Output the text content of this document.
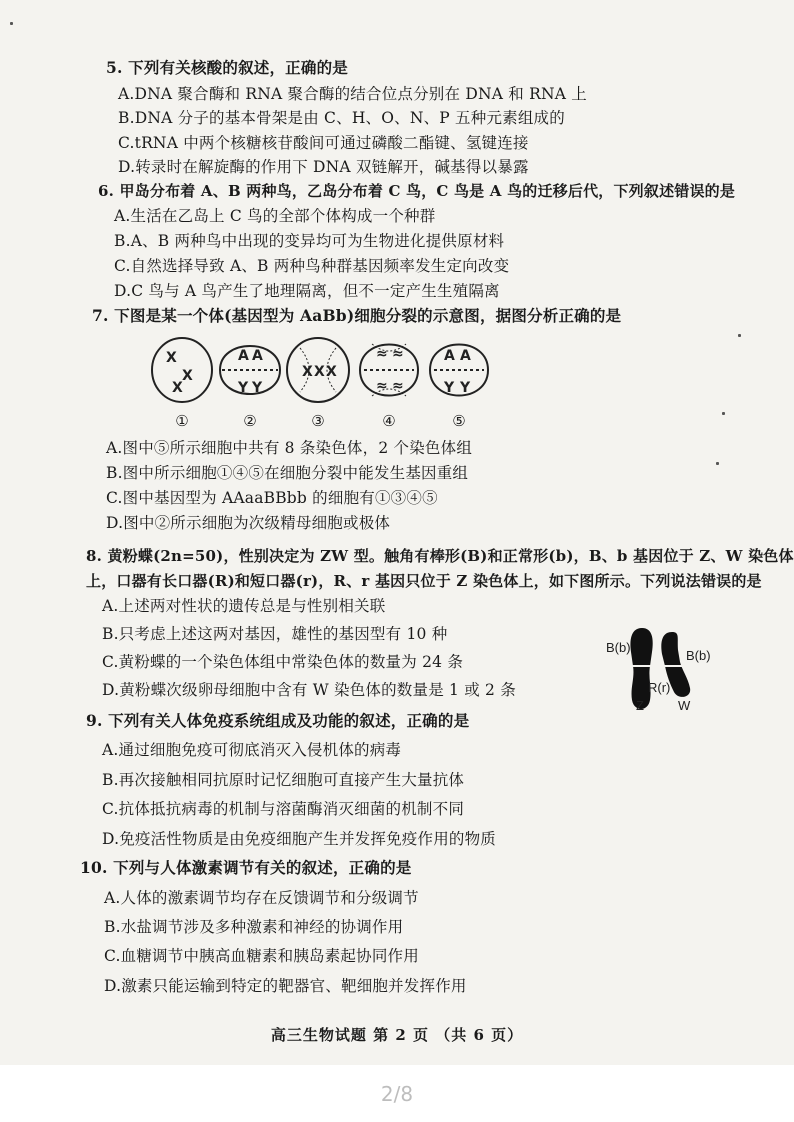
5. 下列有关核酸的叙述，正确的是
A.DNA 聚合酶和 RNA 聚合酶的结合位点分别在 DNA 和 RNA 上
B.DNA 分子的基本骨架是由 C、H、O、N、P 五种元素组成的
C.tRNA 中两个核糖核苷酸间可通过磷酸二酯键、氢键连接
D.转录时在解旋酶的作用下 DNA 双链解开，碱基得以暴露
6. 甲岛分布着 A、B 两种鸟，乙岛分布着 C 鸟，C 鸟是 A 鸟的迁移后代，下列叙述错误的是
A.生活在乙岛上 C 鸟的全部个体构成一个种群
B.A、B 两种鸟中出现的变异均可为生物进化提供原材料
C.自然选择导致 A、B 两种鸟种群基因频率发生定向改变
D.C 鸟与 A 鸟产生了地理隔离，但不一定产生生殖隔离
7. 下图是某一个体(基因型为 AaBb)细胞分裂的示意图，据图分析正确的是
X
X
X
A A
Y Y
X X X
≈ ≈
≈ ≈
A A
Y Y
①	②	③	④	⑤
A.图中⑤所示细胞中共有 8 条染色体，2 个染色体组
B.图中所示细胞①④⑤在细胞分裂中能发生基因重组
C.图中基因型为 AAaaBBbb 的细胞有①③④⑤
D.图中②所示细胞为次级精母细胞或极体
8. 黄粉蝶(2n=50)，性别决定为 ZW 型。触角有棒形(B)和正常形(b)，B、b 基因位于 Z、W 染色体
上，口器有长口器(R)和短口器(r)，R、r 基因只位于 Z 染色体上，如下图所示。下列说法错误的是
A.上述两对性状的遗传总是与性别相关联
B.只考虑上述这两对基因，雄性的基因型有 10 种
C.黄粉蝶的一个染色体组中常染色体的数量为 24 条
D.黄粉蝶次级卵母细胞中含有 W 染色体的数量是 1 或 2 条
B(b)
B(b)
R(r)
Z	W
9. 下列有关人体免疫系统组成及功能的叙述，正确的是
A.通过细胞免疫可彻底消灭入侵机体的病毒
B.再次接触相同抗原时记忆细胞可直接产生大量抗体
C.抗体抵抗病毒的机制与溶菌酶消灭细菌的机制不同
D.免疫活性物质是由免疫细胞产生并发挥免疫作用的物质
10. 下列与人体激素调节有关的叙述，正确的是
A.人体的激素调节均存在反馈调节和分级调节
B.水盐调节涉及多种激素和神经的协调作用
C.血糖调节中胰高血糖素和胰岛素起协同作用
D.激素只能运输到特定的靶器官、靶细胞并发挥作用
高三生物试题 第 2 页 （共 6 页）
2/8
